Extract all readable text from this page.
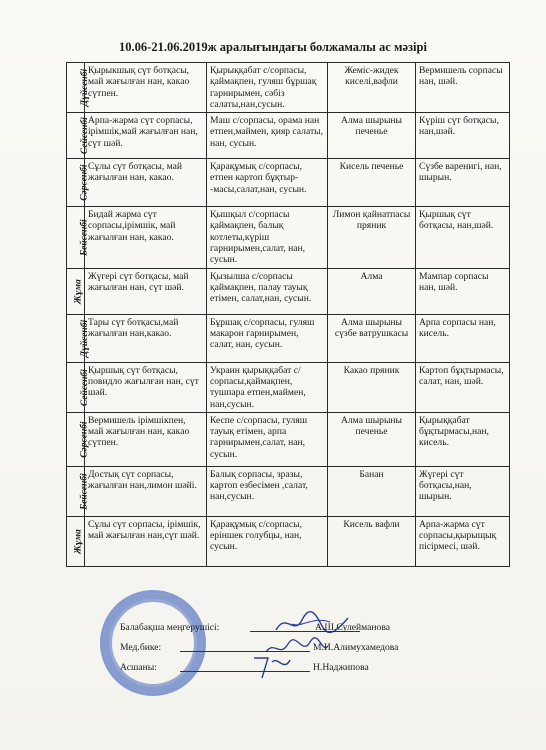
10.06-21.06.2019ж аралығындағы болжамалы ас мәзірі
Дүйсенбі	Қырыкшық сүт ботқасы, май жағылған нан, какао сүтпен.	Қырыққабат с/сорпасы, қаймақпен, гуляш бұршақ гарнирымен, сәбіз салаты,нан,сусын.	Жеміс-жидек киселі,вафли	Вермишель сорпасы нан, шәй.
Сейсенбі	Арпа-жарма сүт сорпасы, ірімшік,май жағылған нан, сүт шәй.	Маш с/сорпасы, орама нан етпен,маймен, қияр салаты, нан, сусын.	Алма шырыны печенье	Күріш сүт ботқасы, нан,шәй.
Сәрсенбі	Сұлы сүт ботқасы, май жағылған нан, какао.	Қарақұмық с/сорпасы, етпен картоп бұқтыр- -масы,салат,нан, сусын.	Кисель печенье	Сүзбе варенигі, нан, шырын.
Бейсенбі	Бидай жарма сүт сорпасы,ірімшік, май жағылған нан, какао.	Қышқыл с/сорпасы қаймақпен, балық котлеты,күріш гарнирымен,салат, нан, сусын.	Лимон қайнатпасы пряник	Қыршық сүт ботқасы, нан,шәй.
Жұма	Жүгері сүт ботқасы, май жағылған нан, сүт шәй.	Қызылша с/сорпасы қаймақпен, палау тауық етімен, салат,нан, сусын.	Алма	Мампар сорпасы нан, шәй.
Дүйсенбі	Тары сүт ботқасы,май жағылған нан,какао.	Бұршақ с/сорпасы, гуляш макарон гарнирымен, салат, нан, сусын.	Алма шырыны сүзбе ватрушкасы	Арпа сорпасы нан, кисель.
Сейсенбі	Қыршық сүт ботқасы, повидло жағылған нан, сүт шәй.	Украин қырыққабат с/сорпасы,қаймақпен, тушпара етпен,маймен, нан,сусын.	Какао пряник	Картоп бұқтырмасы, салат, нан, шәй.
Сәрсенбі	Вермишель ірімшікпен, май жағылған нан, какао сүтпен.	Кеспе с/сорпасы, гуляш тауық етімен, арпа гарнирымен,салат, нан, сусын.	Алма шырыны печенье	Қырыққабат бұқтырмасы,нан, кисель.
Бейсенбі	Достық сүт сорпасы, жағылған нан,лимон шәйі.	Балық сорпасы, зразы, картоп езбесімен ,салат, нан,сусын.	Банан	Жүгері сүт ботқасы,нан, шырын.
Жұма	Сұлы сүт сорпасы, ірімшік, май жағылған нан,сүт шәй.	Қарақұмық с/сорпасы, ерiншек голубцы, нан, сусын.	Кисель вафли	Арпа-жарма сүт сорпасы,қырыщық пісірмесі, шәй.
Балабақша меңгерушісі:	А.Ш.Сулейманова
Мед.бике:	М.И.Алимухамедова
Асшаны:	Н.Наджипова
